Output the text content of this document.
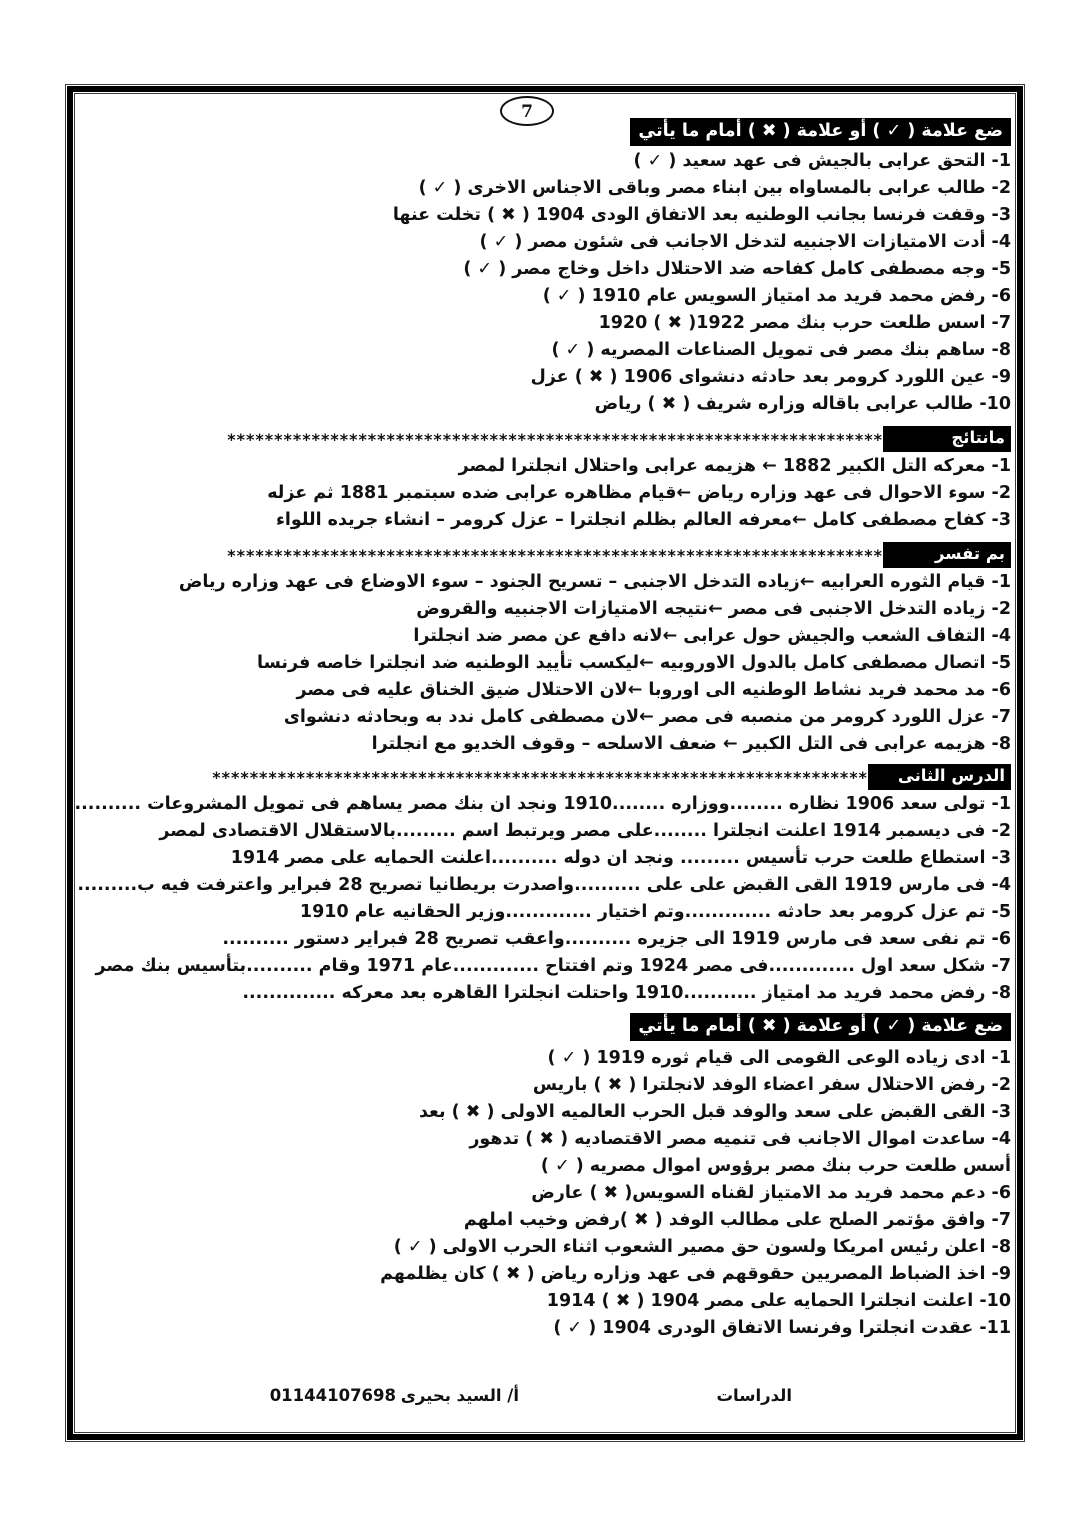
7
ضع علامة ( ✓ ) أو علامة ( ✖ ) أمام ما يأتي
1- التحق عرابى بالجيش فى عهد سعيد ( ✓ )
2- طالب عرابى بالمساواه بين ابناء مصر وباقى الاجناس الاخرى ( ✓ )
3- وقفت فرنسا بجانب الوطنيه بعد الاتفاق الودى 1904 ( ✖ ) تخلت عنها
4- أدت الامتيازات الاجنبيه لتدخل الاجانب فى شئون مصر ( ✓ )
5- وجه مصطفى كامل كفاحه ضد الاحتلال داخل وخاج مصر ( ✓ )
6- رفض محمد فريد مد امتياز السويس عام 1910 ( ✓ )
7- اسس طلعت حرب بنك مصر 1922( ✖ ) 1920
8- ساهم بنك مصر فى تمويل الصناعات المصريه ( ✓ )
9- عين اللورد كرومر بعد حادثه دنشواى 1906 ( ✖ ) عزل
10- طالب عرابى باقاله وزاره شريف ( ✖ ) رياض
مانتائج
**********************************************************************
1- معركه التل الكبير 1882 ← هزيمه عرابى واحتلال انجلترا لمصر
2- سوء الاحوال فى عهد وزاره رياض ←قيام مظاهره عرابى ضده سبتمبر 1881 ثم عزله
3- كفاح مصطفى كامل ←معرفه العالم بظلم انجلترا – عزل كرومر – انشاء جريده اللواء
بم تفسر
**********************************************************************
1- قيام الثوره العرابيه ←زياده التدخل الاجنبى – تسريح الجنود – سوء الاوضاع فى عهد وزاره رياض
2- زياده التدخل الاجنبى فى مصر ←نتيجه الامتيازات الاجنبيه والقروض
4- التفاف الشعب والجيش حول عرابى ←لانه دافع عن مصر ضد انجلترا
5- اتصال مصطفى كامل بالدول الاوروبيه ←ليكسب تأييد الوطنيه ضد انجلترا خاصه فرنسا
6- مد محمد فريد نشاط الوطنيه الى اوروبا ←لان الاحتلال ضيق الخناق عليه فى مصر
7- عزل اللورد كرومر من منصبه فى مصر ←لان مصطفى كامل ندد به وبحادثه دنشواى
8- هزيمه عرابى فى التل الكبير ← ضعف الاسلحه – وقوف الخديو مع انجلترا
الدرس الثانى
**********************************************************************
1- تولى سعد 1906 نظاره ........ووزاره ........1910 ونجد ان بنك مصر يساهم فى تمويل المشروعات ..........
2- فى ديسمبر 1914 اعلنت انجلترا ........على مصر ويرتبط اسم .........بالاستقلال الاقتصادى لمصر
3- استطاع طلعت حرب تأسيس ......... ونجد ان دوله ..........اعلنت الحمايه على مصر 1914
4- فى مارس 1919 القى القبض على على ..........واصدرت بريطانيا تصريح 28 فبراير واعترفت فيه ب.........
5- تم عزل كرومر بعد حادثه .............وتم اختيار .............وزير الحقانيه عام 1910
6- تم نفى سعد فى مارس 1919 الى جزيره ..........واعقب تصريح 28 فبراير دستور ..........
7- شكل سعد اول .............فى مصر 1924 وتم افتتاح .............عام 1971 وقام ..........بتأسيس بنك مصر
8- رفض محمد فريد مد امتياز ...........1910 واحتلت انجلترا القاهره بعد معركه ..............
ضع علامة ( ✓ ) أو علامة ( ✖ ) أمام ما يأتي
1- ادى زياده الوعى القومى الى قيام ثوره 1919 ( ✓ )
2- رفض الاحتلال سفر اعضاء الوفد لانجلترا ( ✖ ) باريس
3- القى القبض على سعد والوفد قبل الحرب العالميه الاولى ( ✖ ) بعد
4- ساعدت اموال الاجانب فى تنميه مصر الاقتصاديه ( ✖ ) تدهور
أسس طلعت حرب بنك مصر برؤوس اموال مصريه ( ✓ )
6- دعم محمد فريد مد الامتياز لقناه السويس( ✖ ) عارض
7- وافق مؤتمر الصلح على مطالب الوفد ( ✖ )رفض وخيب املهم
8- اعلن رئيس امريكا ولسون حق مصير الشعوب اثناء الحرب الاولى ( ✓ )
9- اخذ الضباط المصريين حقوقهم فى عهد وزاره رياض ( ✖ ) كان يظلمهم
10- اعلنت انجلترا الحمايه على مصر 1904 ( ✖ ) 1914
11- عقدت انجلترا وفرنسا الاتفاق الودرى 1904 ( ✓ )
الدراسات
أ/ السيد بحيرى
01144107698
